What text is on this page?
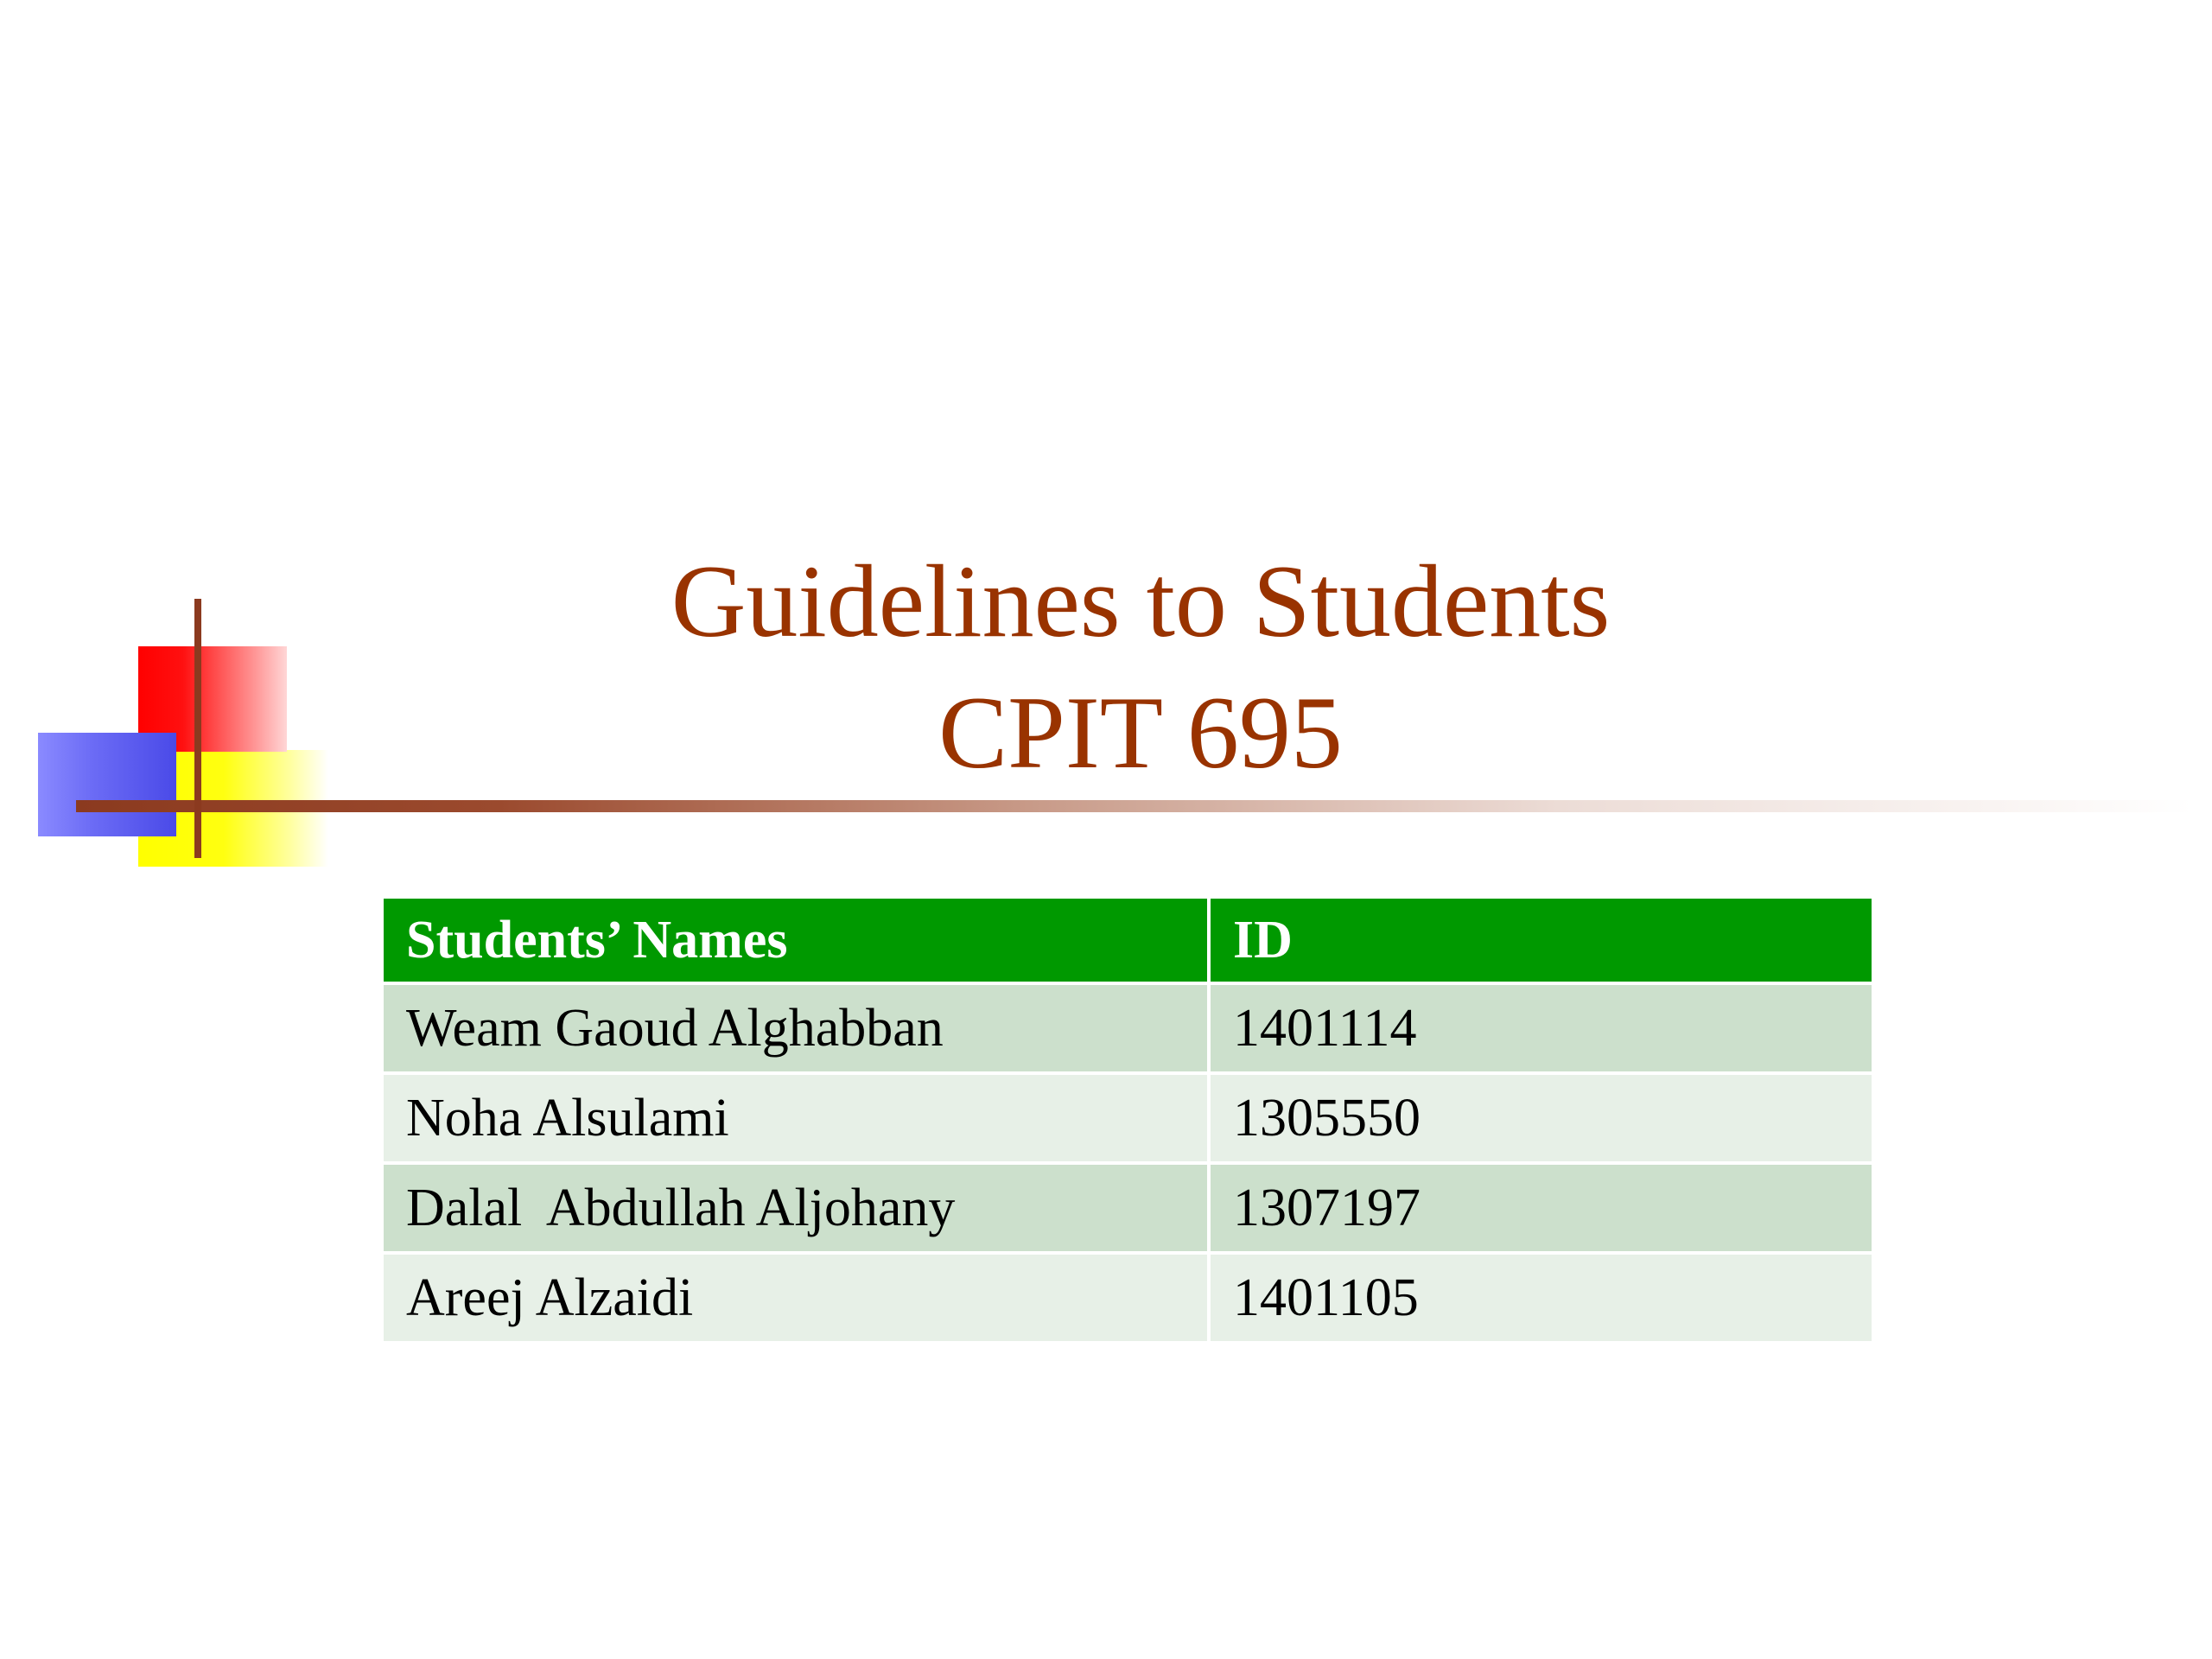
Guidelines to Students
CPIT 695
Students’ Names	ID
Weam Gaoud Alghabban	1401114
Noha Alsulami	1305550
Dalal  Abdullah Aljohany	1307197
Areej Alzaidi	1401105
